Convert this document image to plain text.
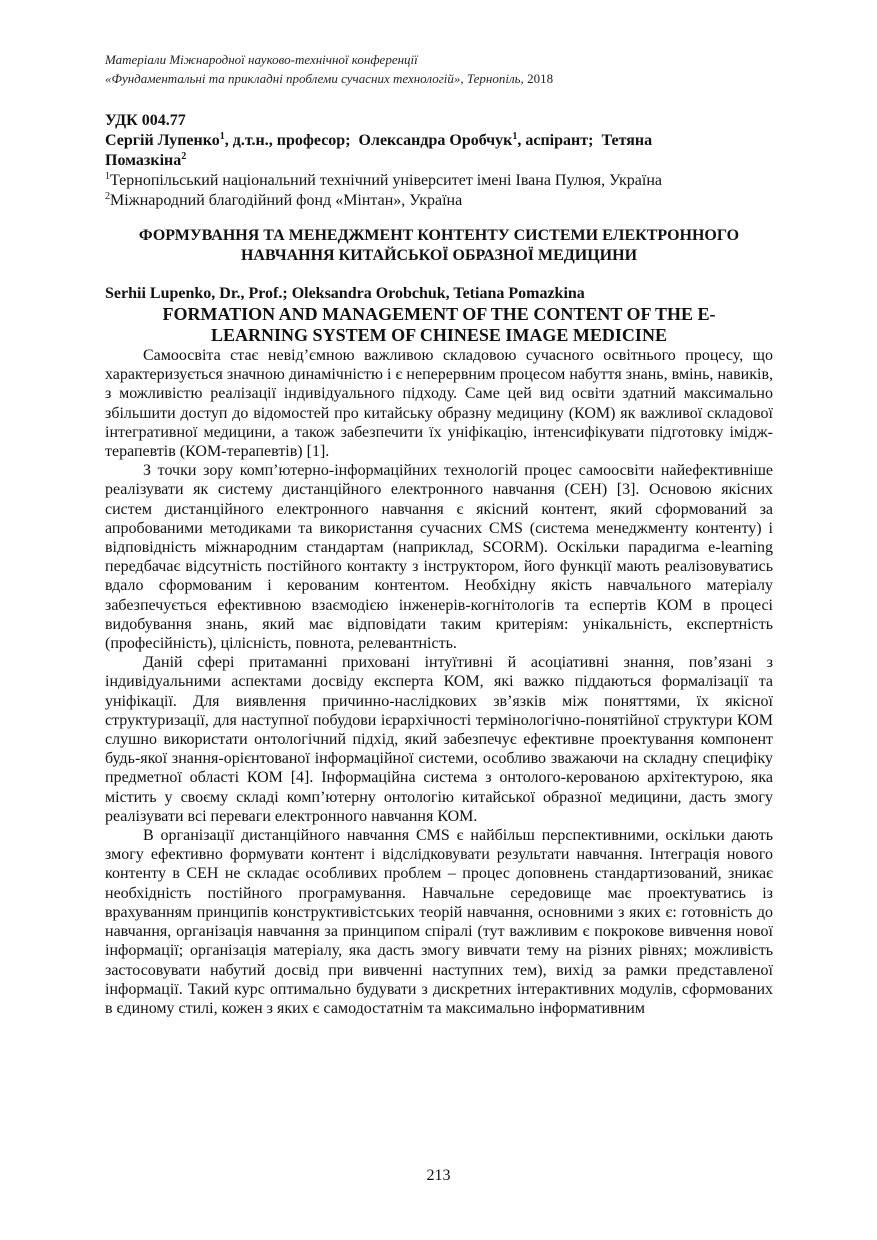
Матеріали Міжнародної науково-технічної конференції
«Фундаментальні та прикладні проблеми сучасних технологій», Тернопіль, 2018
УДК 004.77
Сергій Лупенко$^1$, д.т.н., професор; Олександра Оробчук$^1$, аспірант; Тетяна
Помазкіна$^2$
$^1$Тернопільський національний технічний університет імені Івана Пулюя, Україна
$^2$Міжнародний благодійний фонд «Мінтан», Україна
ФОРМУВАННЯ ТА МЕНЕДЖМЕНТ КОНТЕНТУ СИСТЕМИ ЕЛЕКТРОННОГО
НАВЧАННЯ КИТАЙСЬКОЇ ОБРАЗНОЇ МЕДИЦИНИ
Serhii Lupenko, Dr., Prof.; Oleksandra Orobchuk, Tetiana Pomazkina
FORMATION AND MANAGEMENT OF THE CONTENT OF THE E-
LEARNING SYSTEM OF CHINESE IMAGE MEDICINE

Самоосвіта стає невід’ємною важливою складовою сучасного освітнього процесу, що характеризується значною динамічністю і є неперервним процесом набуття знань, вмінь, навиків, з можливістю реалізації індивідуального підходу. Саме цей вид освіти здатний максимально збільшити доступ до відомостей про китайську образну медицину (КОМ) як важливої складової інтегративної медицини, а також забезпечити їх уніфікацію, інтенсифікувати підготовку імідж-терапевтів (КОМ-терапевтів) [1].

З точки зору комп’ютерно-інформаційних технологій процес самоосвіти найефективніше реалізувати як систему дистанційного електронного навчання (СЕН) [3]. Основою якісних систем дистанційного електронного навчання є якісний контент, який сформований за апробованими методиками та використання сучасних CMS (система менеджменту контенту) і відповідність міжнародним стандартам (наприклад, SCORM). Оскільки парадигма e-learning передбачає відсутність постійного контакту з інструктором, його функції мають реалізовуватись вдало сформованим і керованим контентом. Необхідну якість навчального матеріалу забезпечується ефективною взаємодією інженерів-когнітологів та еспертів КОМ в процесі видобування знань, який має відповідати таким критеріям: унікальність, експертність (професійність), цілісність, повнота, релевантність.

Даній сфері притаманні приховані інтуїтивні й асоціативні знання, пов’язані з індивідуальними аспектами досвіду експерта КОМ, які важко піддаються формалізації та уніфікації. Для виявлення причинно-наслідкових зв’язків між поняттями, їх якісної структуризації, для наступної побудови ієрархічності термінологічно-понятійної структури КОМ слушно використати онтологічний підхід, який забезпечує ефективне проектування компонент будь-якої знання-орієнтованої інформаційної системи, особливо зважаючи на складну специфіку предметної області КОМ [4]. Інформаційна система з онтолого-керованою архітектурою, яка містить у своєму складі комп’ютерну онтологію китайської образної медицини, дасть змогу реалізувати всі переваги електронного навчання КОМ.

В організації дистанційного навчання CMS є найбільш перспективними, оскільки дають змогу ефективно формувати контент і відслідковувати результати навчання. Інтеграція нового контенту в СЕН не складає особливих проблем – процес доповнень стандартизований, зникає необхідність постійного програмування. Навчальне середовище має проектуватись із врахуванням принципів конструктивістських теорій навчання, основними з яких є: готовність до навчання, організація навчання за принципом спіралі (тут важливим є покрокове вивчення нової інформації; організація матеріалу, яка дасть змогу вивчати тему на різних рівнях; можливість застосовувати набутий досвід при вивченні наступних тем), вихід за рамки представленої інформації. Такий курс оптимально будувати з дискретних інтерактивних модулів, сформованих в єдиному стилі, кожен з яких є самодостатнім та максимально інформативним

213
